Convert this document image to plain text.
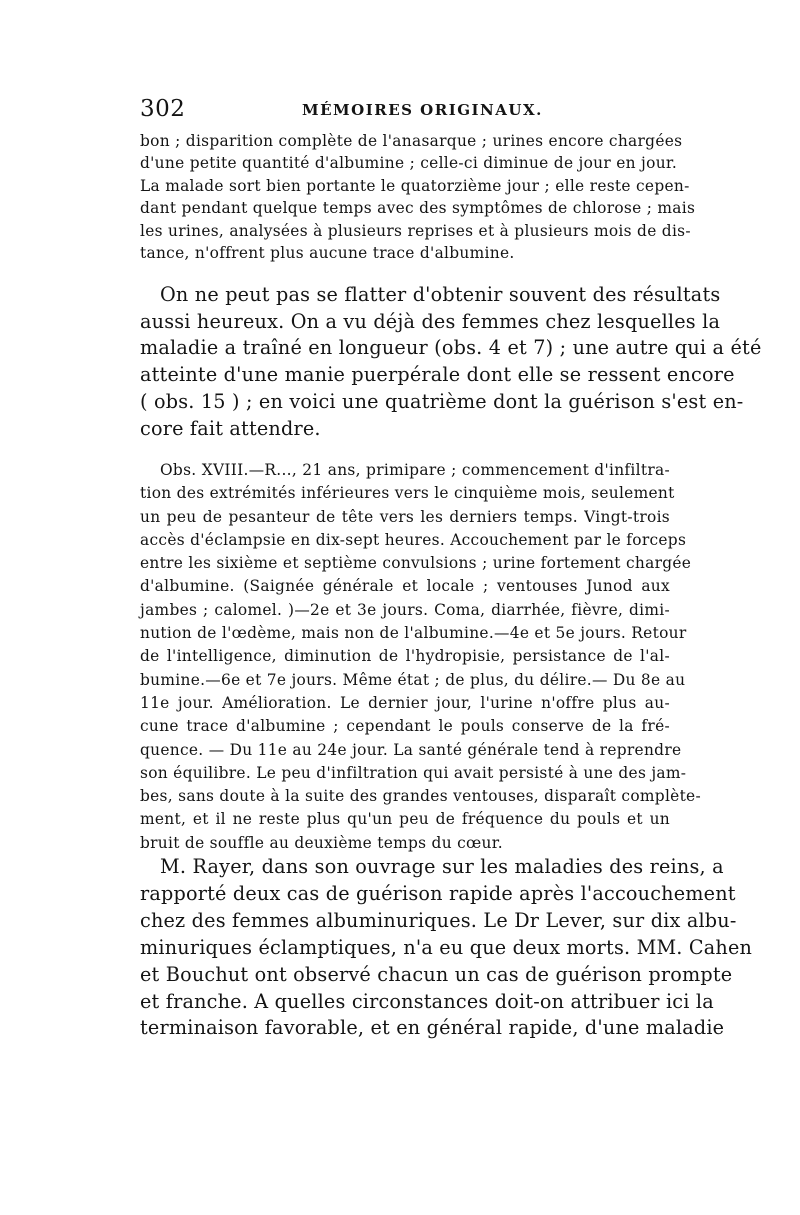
302	MÉMOIRES ORIGINAUX.
bon ; disparition complète de l'anasarque ; urines encore chargées
d'une petite quantité d'albumine ; celle-ci diminue de jour en jour.
La malade sort bien portante le quatorzième jour ; elle reste cepen-
dant pendant quelque temps avec des symptômes de chlorose ; mais
les urines, analysées à plusieurs reprises et à plusieurs mois de dis-
tance, n'offrent plus aucune trace d'albumine.
On ne peut pas se flatter d'obtenir souvent des résultats
aussi heureux. On a vu déjà des femmes chez lesquelles la
maladie a traîné en longueur (obs. 4 et 7) ; une autre qui a été
atteinte d'une manie puerpérale dont elle se ressent encore
( obs. 15 ) ; en voici une quatrième dont la guérison s'est en-
core fait attendre.
Obs. XVIII.—R..., 21 ans, primipare ; commencement d'infiltra-
tion des extrémités inférieures vers le cinquième mois, seulement
un peu de pesanteur de tête vers les derniers temps. Vingt-trois
accès d'éclampsie en dix-sept heures. Accouchement par le forceps
entre les sixième et septième convulsions ; urine fortement chargée
d'albumine. (Saignée générale et locale ; ventouses Junod aux
jambes ; calomel. )—2e et 3e jours. Coma, diarrhée, fièvre, dimi-
nution de l'œdème, mais non de l'albumine.—4e et 5e jours. Retour
de l'intelligence, diminution de l'hydropisie, persistance de l'al-
bumine.—6e et 7e jours. Même état ; de plus, du délire.— Du 8e au
11e jour. Amélioration. Le dernier jour, l'urine n'offre plus au-
cune trace d'albumine ; cependant le pouls conserve de la fré-
quence. — Du 11e au 24e jour. La santé générale tend à reprendre
son équilibre. Le peu d'infiltration qui avait persisté à une des jam-
bes, sans doute à la suite des grandes ventouses, disparaît complète-
ment, et il ne reste plus qu'un peu de fréquence du pouls et un
bruit de souffle au deuxième temps du cœur.
M. Rayer, dans son ouvrage sur les maladies des reins, a
rapporté deux cas de guérison rapide après l'accouchement
chez des femmes albuminuriques. Le Dr Lever, sur dix albu-
minuriques éclamptiques, n'a eu que deux morts. MM. Cahen
et Bouchut ont observé chacun un cas de guérison prompte
et franche. A quelles circonstances doit-on attribuer ici la
terminaison favorable, et en général rapide, d'une maladie
